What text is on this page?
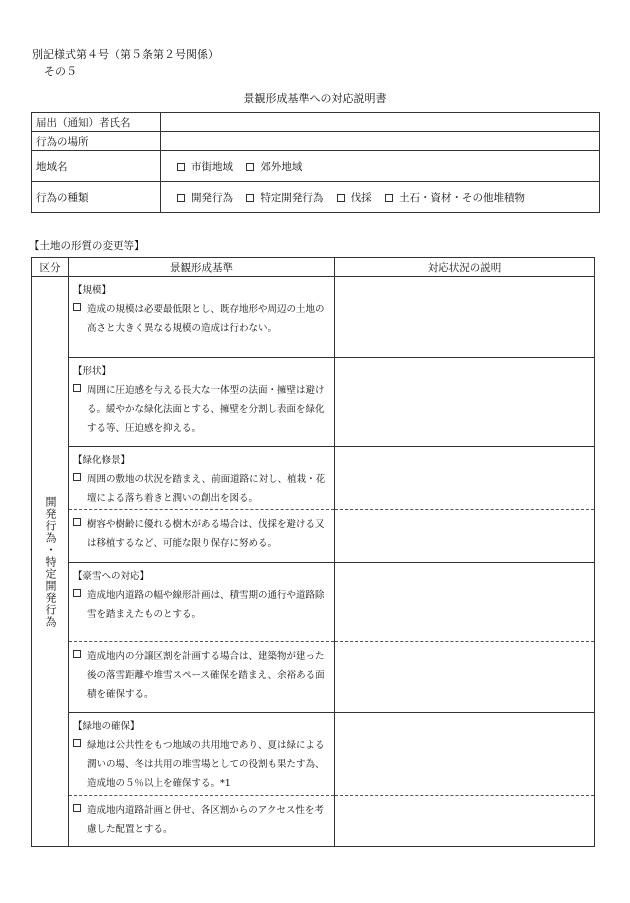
別記様式第４号（第５条第２号関係）
その５
景観形成基準への対応説明書
届出（通知）者氏名	
行為の場所	
地域名	市街地域 郊外地域
行為の種類	開発行為 特定開発行為 伐採 土石・資材・その他堆積物
【土地の形質の変更等】
区分	景観形成基準	対応状況の説明

開発行為・特定開発行為	【規模】
造成の規模は必要最低限とし、既存地形や周辺の土地の高さと大きく異なる規模の造成は行わない。	

	【形状】
周囲に圧迫感を与える長大な一体型の法面・擁壁は避ける。緩やかな緑化法面とする、擁壁を分割し表面を緑化する等、圧迫感を抑える。	

	【緑化修景】
周囲の敷地の状況を踏まえ、前面道路に対し、植栽・花壇による落ち着きと潤いの創出を図る。	

	樹容や樹齢に優れる樹木がある場合は、伐採を避ける又は移植するなど、可能な限り保存に努める。	

	【豪雪への対応】
造成地内道路の幅や線形計画は、積雪期の通行や道路除雪を踏まえたものとする。	

	造成地内の分譲区割を計画する場合は、建築物が建った後の落雪距離や堆雪スペース確保を踏まえ、余裕ある面積を確保する。	

	【緑地の確保】
緑地は公共性をもつ地域の共用地であり、夏は緑による潤いの場、冬は共用の堆雪場としての役割も果たす為、造成地の５％以上を確保する。*1	

	造成地内道路計画と併せ、各区割からのアクセス性を考慮した配置とする。	
